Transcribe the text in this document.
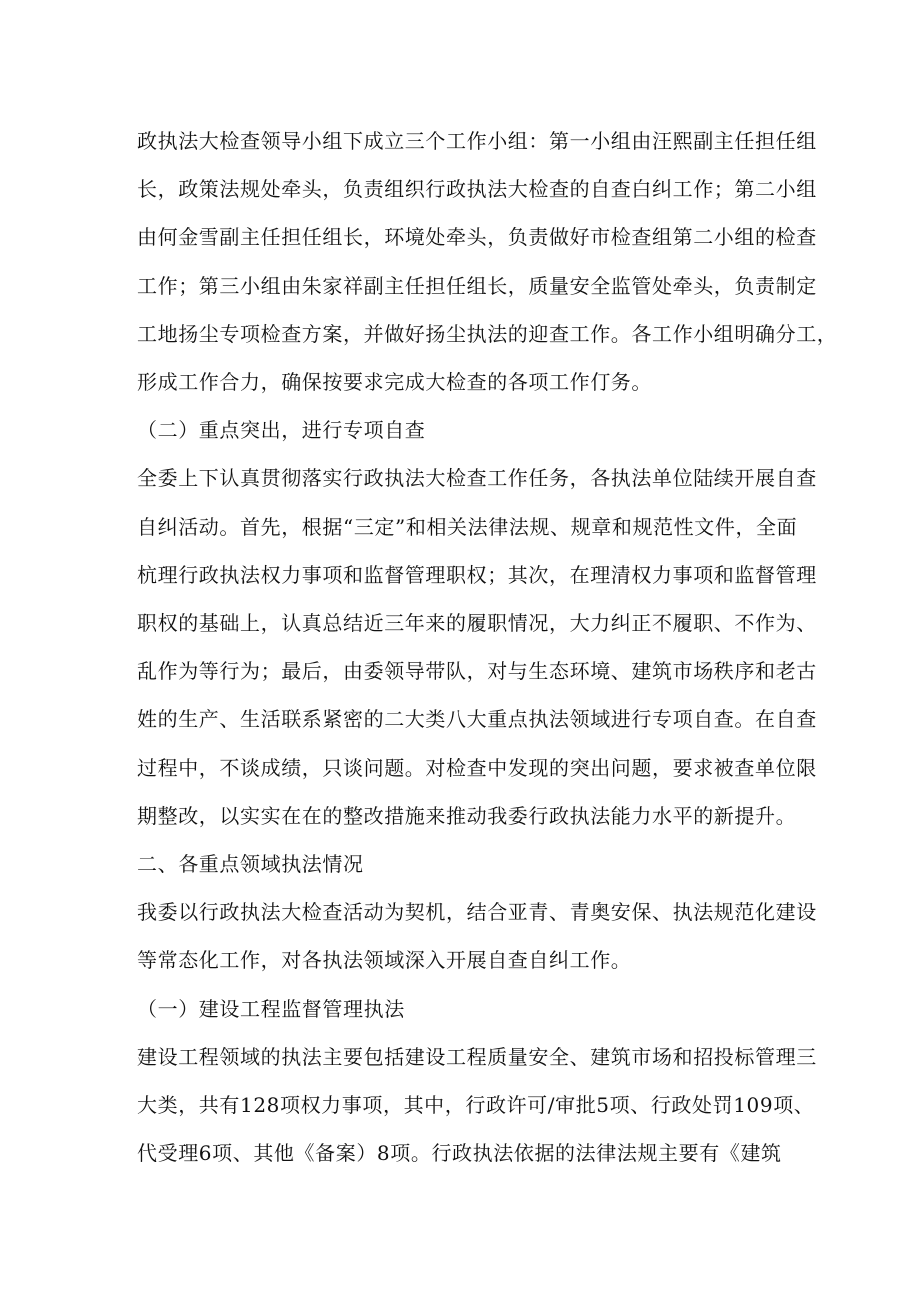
政执法大检查领导小组下成立三个工作小组：第一小组由汪熙副主任担任组

长，政策法规处牵头，负责组织行政执法大检查的自查白纠工作；第二小组

由何金雪副主任担任组长，环境处牵头，负责做好市检查组第二小组的检查

工作；第三小组由朱家祥副主任担任组长，质量安全监管处牵头，负责制定

工地扬尘专项检查方案，并做好扬尘执法的迎查工作。各工作小组明确分工，

形成工作合力，确保按要求完成大检查的各项工作仃务。

（二）重点突出，进行专项自查

全委上下认真贯彻落实行政执法大检查工作任务，各执法单位陆续开展自查

自纠活动。首先，根据“三定”和相关法律法规、规章和规范性文件，全面

杭理行政执法权力事项和监督管理职权；其次，在理清权力事项和监督管理

职权的基础上，认真总结近三年来的履职情况，大力纠正不履职、不作为、

乱作为等行为；最后，由委领导带队，对与生态环境、建筑市场秩序和老古

姓的生产、生活联系紧密的二大类八大重点执法领域进行专项自查。在自查

过程中，不谈成绩，只谈问题。对检查中发现的突出问题，要求被查单位限

期整改，以实实在在的整改措施来推动我委行政执法能力水平的新提升。

二、各重点领域执法情况

我委以行政执法大检查活动为契机，结合亚青、青奥安保、执法规范化建设

等常态化工作，对各执法领域深入开展自查自纠工作。

（一）建设工程监督管理执法

建设工程领域的执法主要包括建设工程质量安全、建筑市场和招投标管理三

大类，共有128项权力事项，其中，行政许可/审批5项、行政处罚109项、

代受理6项、其他《备案）8项。行政执法依据的法律法规主要有《建筑
